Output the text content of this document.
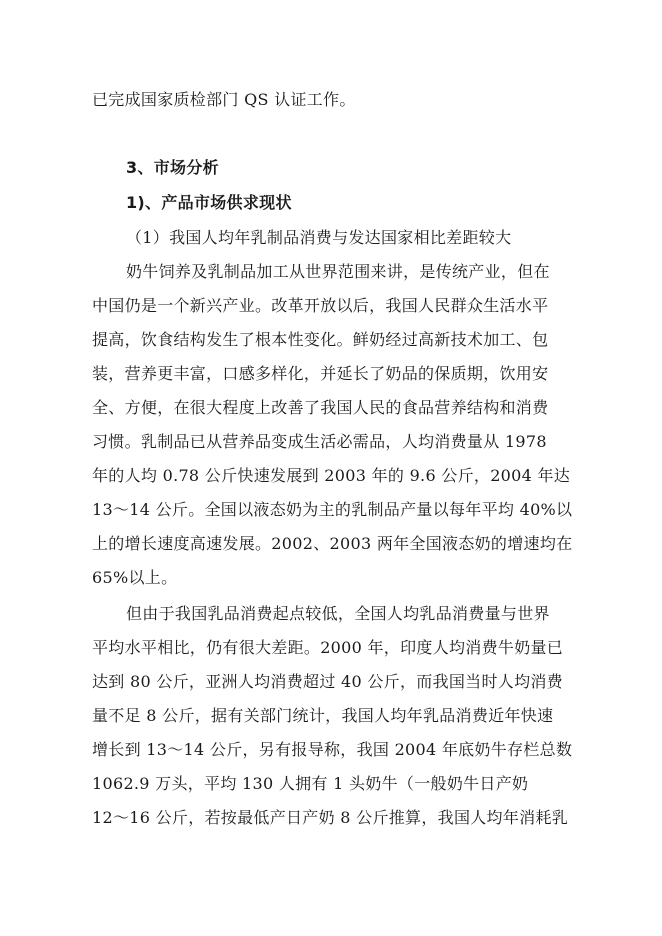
已完成国家质检部门 QS 认证工作。
3、市场分析
1)、产品市场供求现状
（1）我国人均年乳制品消费与发达国家相比差距较大
奶牛饲养及乳制品加工从世界范围来讲，是传统产业，但在
中国仍是一个新兴产业。改革开放以后，我国人民群众生活水平
提高，饮食结构发生了根本性变化。鲜奶经过高新技术加工、包
装，营养更丰富，口感多样化，并延长了奶品的保质期，饮用安
全、方便，在很大程度上改善了我国人民的食品营养结构和消费
习惯。乳制品已从营养品变成生活必需品，人均消费量从 1978
年的人均 0.78 公斤快速发展到 2003 年的 9.6 公斤，2004 年达
13～14 公斤。全国以液态奶为主的乳制品产量以每年平均 40%以
上的增长速度高速发展。2002、2003 两年全国液态奶的增速均在
65%以上。
但由于我国乳品消费起点较低，全国人均乳品消费量与世界
平均水平相比，仍有很大差距。2000 年，印度人均消费牛奶量已
达到 80 公斤，亚洲人均消费超过 40 公斤，而我国当时人均消费
量不足 8 公斤，据有关部门统计，我国人均年乳品消费近年快速
增长到 13～14 公斤，另有报导称，我国 2004 年底奶牛存栏总数
1062.9 万头，平均 130 人拥有 1 头奶牛（一般奶牛日产奶
12～16 公斤，若按最低产日产奶 8 公斤推算，我国人均年消耗乳
